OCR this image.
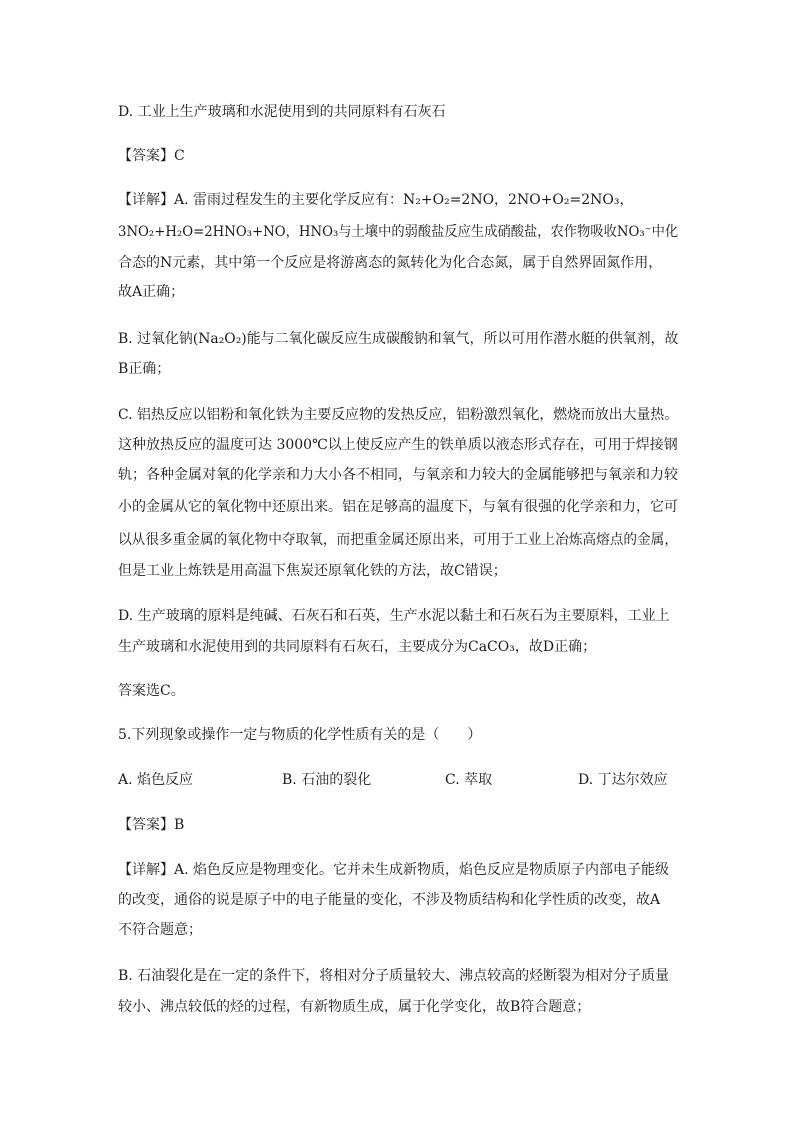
D. 工业上生产玻璃和水泥使用到的共同原料有石灰石
【答案】C
【详解】A. 雷雨过程发生的主要化学反应有：N₂+O₂=2NO，2NO+O₂=2NO₃，
3NO₂+H₂O=2HNO₃+NO，HNO₃与土壤中的弱酸盐反应生成硝酸盐，农作物吸收NO₃⁻中化
合态的N元素，其中第一个反应是将游离态的氮转化为化合态氮，属于自然界固氮作用，
故A正确；
B. 过氧化钠(Na₂O₂)能与二氧化碳反应生成碳酸钠和氧气，所以可用作潜水艇的供氧剂，故
B正确；
C. 铝热反应以铝粉和氧化铁为主要反应物的发热反应，铝粉激烈氧化，燃烧而放出大量热。
这种放热反应的温度可达 3000℃以上使反应产生的铁单质以液态形式存在，可用于焊接钢
轨；各种金属对氧的化学亲和力大小各不相同，与氧亲和力较大的金属能够把与氧亲和力较
小的金属从它的氧化物中还原出来。铝在足够高的温度下，与氧有很强的化学亲和力，它可
以从很多重金属的氧化物中夺取氧，而把重金属还原出来，可用于工业上冶炼高熔点的金属，
但是工业上炼铁是用高温下焦炭还原氧化铁的方法，故C错误；
D. 生产玻璃的原料是纯碱、石灰石和石英，生产水泥以黏土和石灰石为主要原料，工业上
生产玻璃和水泥使用到的共同原料有石灰石，主要成分为CaCO₃，故D正确；
答案选C。
5.下列现象或操作一定与物质的化学性质有关的是（　　）
A. 焰色反应	B. 石油的裂化	C. 萃取	D. 丁达尔效应
【答案】B
【详解】A. 焰色反应是物理变化。它并未生成新物质，焰色反应是物质原子内部电子能级
的改变，通俗的说是原子中的电子能量的变化，不涉及物质结构和化学性质的改变，故A
不符合题意；
B. 石油裂化是在一定的条件下，将相对分子质量较大、沸点较高的烃断裂为相对分子质量
较小、沸点较低的烃的过程，有新物质生成，属于化学变化，故B符合题意；
